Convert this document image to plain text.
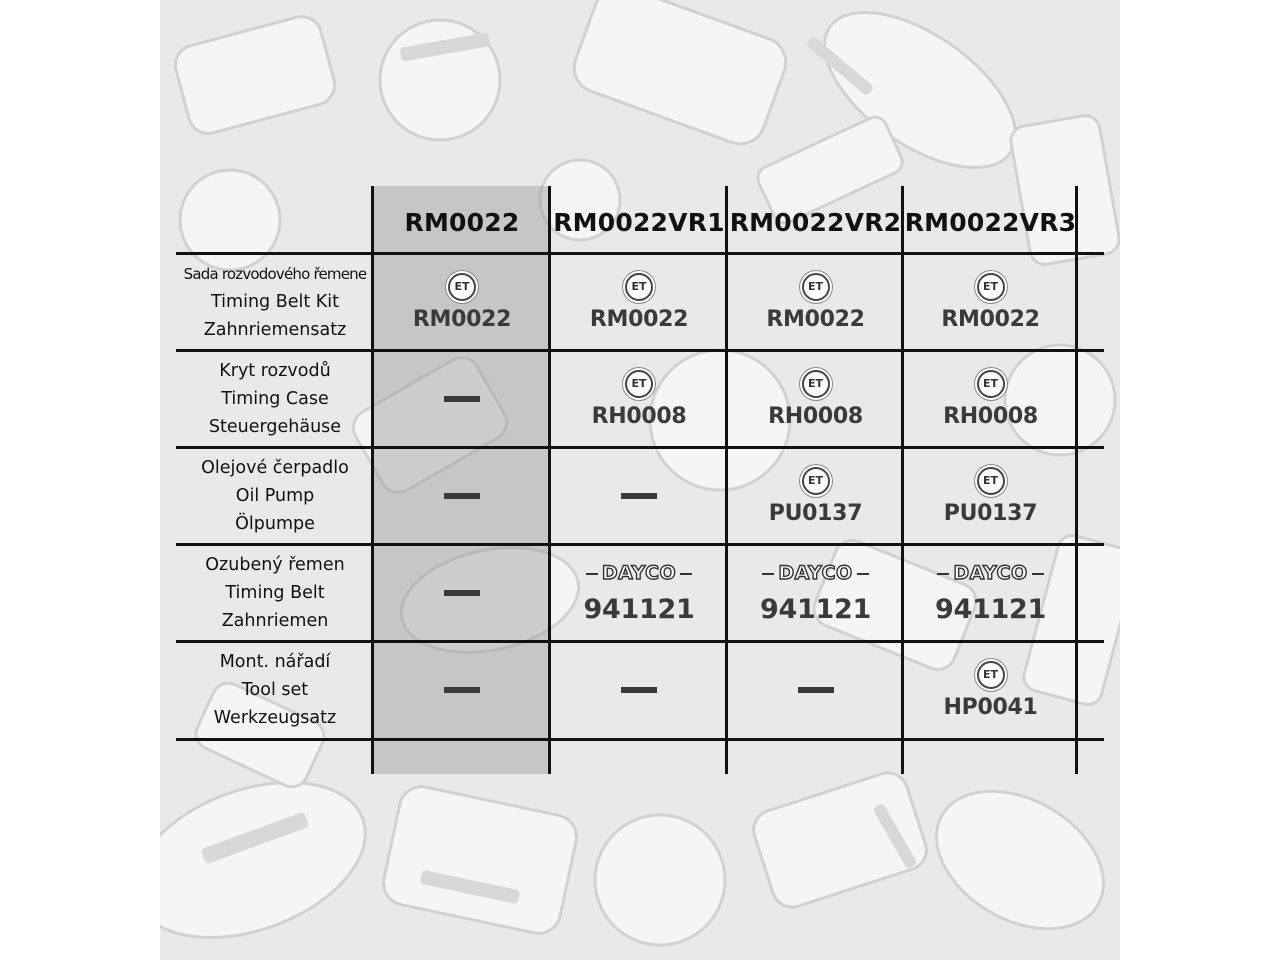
RM0022	RM0022VR1 RM0022VR2 RM0022VR3
Sada rozvodového řemene
Timing Belt Kit
Zahnriemensatz
ET
RM0022
ET
RM0022
ET
RM0022
ET
RM0022
Kryt rozvodů
Timing Case
Steuergehäuse
ET
RH0008
ET
RH0008
ET
RH0008
Olejové čerpadlo
Oil Pump
Ölpumpe
ET
PU0137
ET
PU0137
Ozubený řemen
Timing Belt
Zahnriemen
DAYCO
941121
DAYCO
941121
DAYCO
941121
Mont. nářadí
Tool set
Werkzeugsatz
ET
HP0041
